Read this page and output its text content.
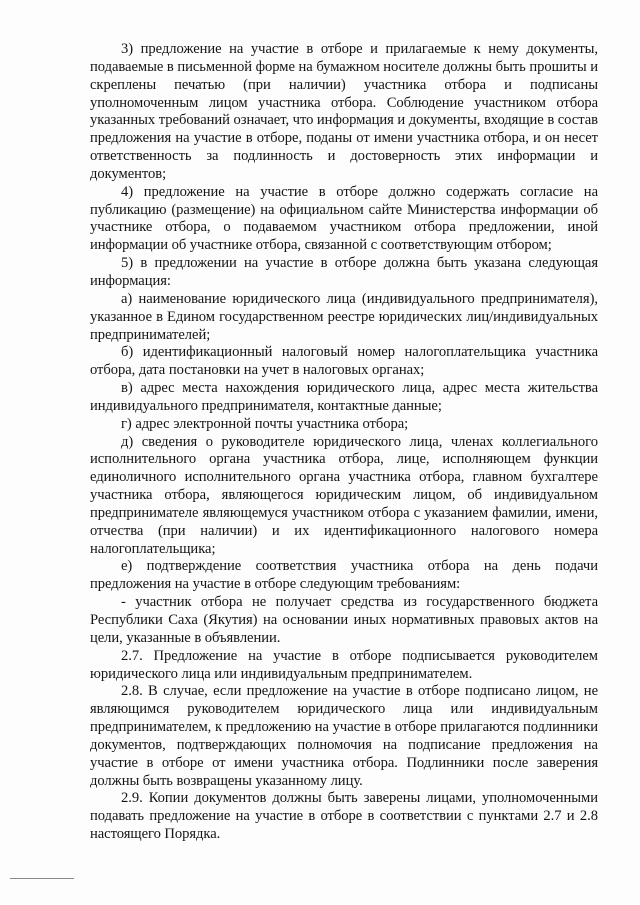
3) предложение на участие в отборе и прилагаемые к нему документы, подаваемые в письменной форме на бумажном носителе должны быть прошиты и скреплены печатью (при наличии) участника отбора и подписаны уполномоченным лицом участника отбора. Соблюдение участником отбора указанных требований означает, что информация и документы, входящие в состав предложения на участие в отборе, поданы от имени участника отбора, и он несет ответственность за подлинность и достоверность этих информации и документов;

4) предложение на участие в отборе должно содержать согласие на публикацию (размещение) на официальном сайте Министерства информации об участнике отбора, о подаваемом участником отбора предложении, иной информации об участнике отбора, связанной с соответствующим отбором;

5) в предложении на участие в отборе должна быть указана следующая информация:

а) наименование юридического лица (индивидуального предпринимателя), указанное в Едином государственном реестре юридических лиц/индивидуальных предпринимателей;

б) идентификационный налоговый номер налогоплательщика участника отбора, дата постановки на учет в налоговых органах;

в) адрес места нахождения юридического лица, адрес места жительства индивидуального предпринимателя, контактные данные;

г) адрес электронной почты участника отбора;

д) сведения о руководителе юридического лица, членах коллегиального исполнительного органа участника отбора, лице, исполняющем функции единоличного исполнительного органа участника отбора, главном бухгалтере участника отбора, являющегося юридическим лицом, об индивидуальном предпринимателе являющемуся участником отбора с указанием фамилии, имени, отчества (при наличии) и их идентификационного налогового номера налогоплательщика;

е) подтверждение соответствия участника отбора на день подачи предложения на участие в отборе следующим требованиям:

- участник отбора не получает средства из государственного бюджета Республики Саха (Якутия) на основании иных нормативных правовых актов на цели, указанные в объявлении.

2.7. Предложение на участие в отборе подписывается руководителем юридического лица или индивидуальным предпринимателем.

2.8. В случае, если предложение на участие в отборе подписано лицом, не являющимся руководителем юридического лица или индивидуальным предпринимателем, к предложению на участие в отборе прилагаются подлинники документов, подтверждающих полномочия на подписание предложения на участие в отборе от имени участника отбора. Подлинники после заверения должны быть возвращены указанному лицу.

2.9. Копии документов должны быть заверены лицами, уполномоченными подавать предложение на участие в отборе в соответствии с пунктами 2.7 и 2.8 настоящего Порядка.
